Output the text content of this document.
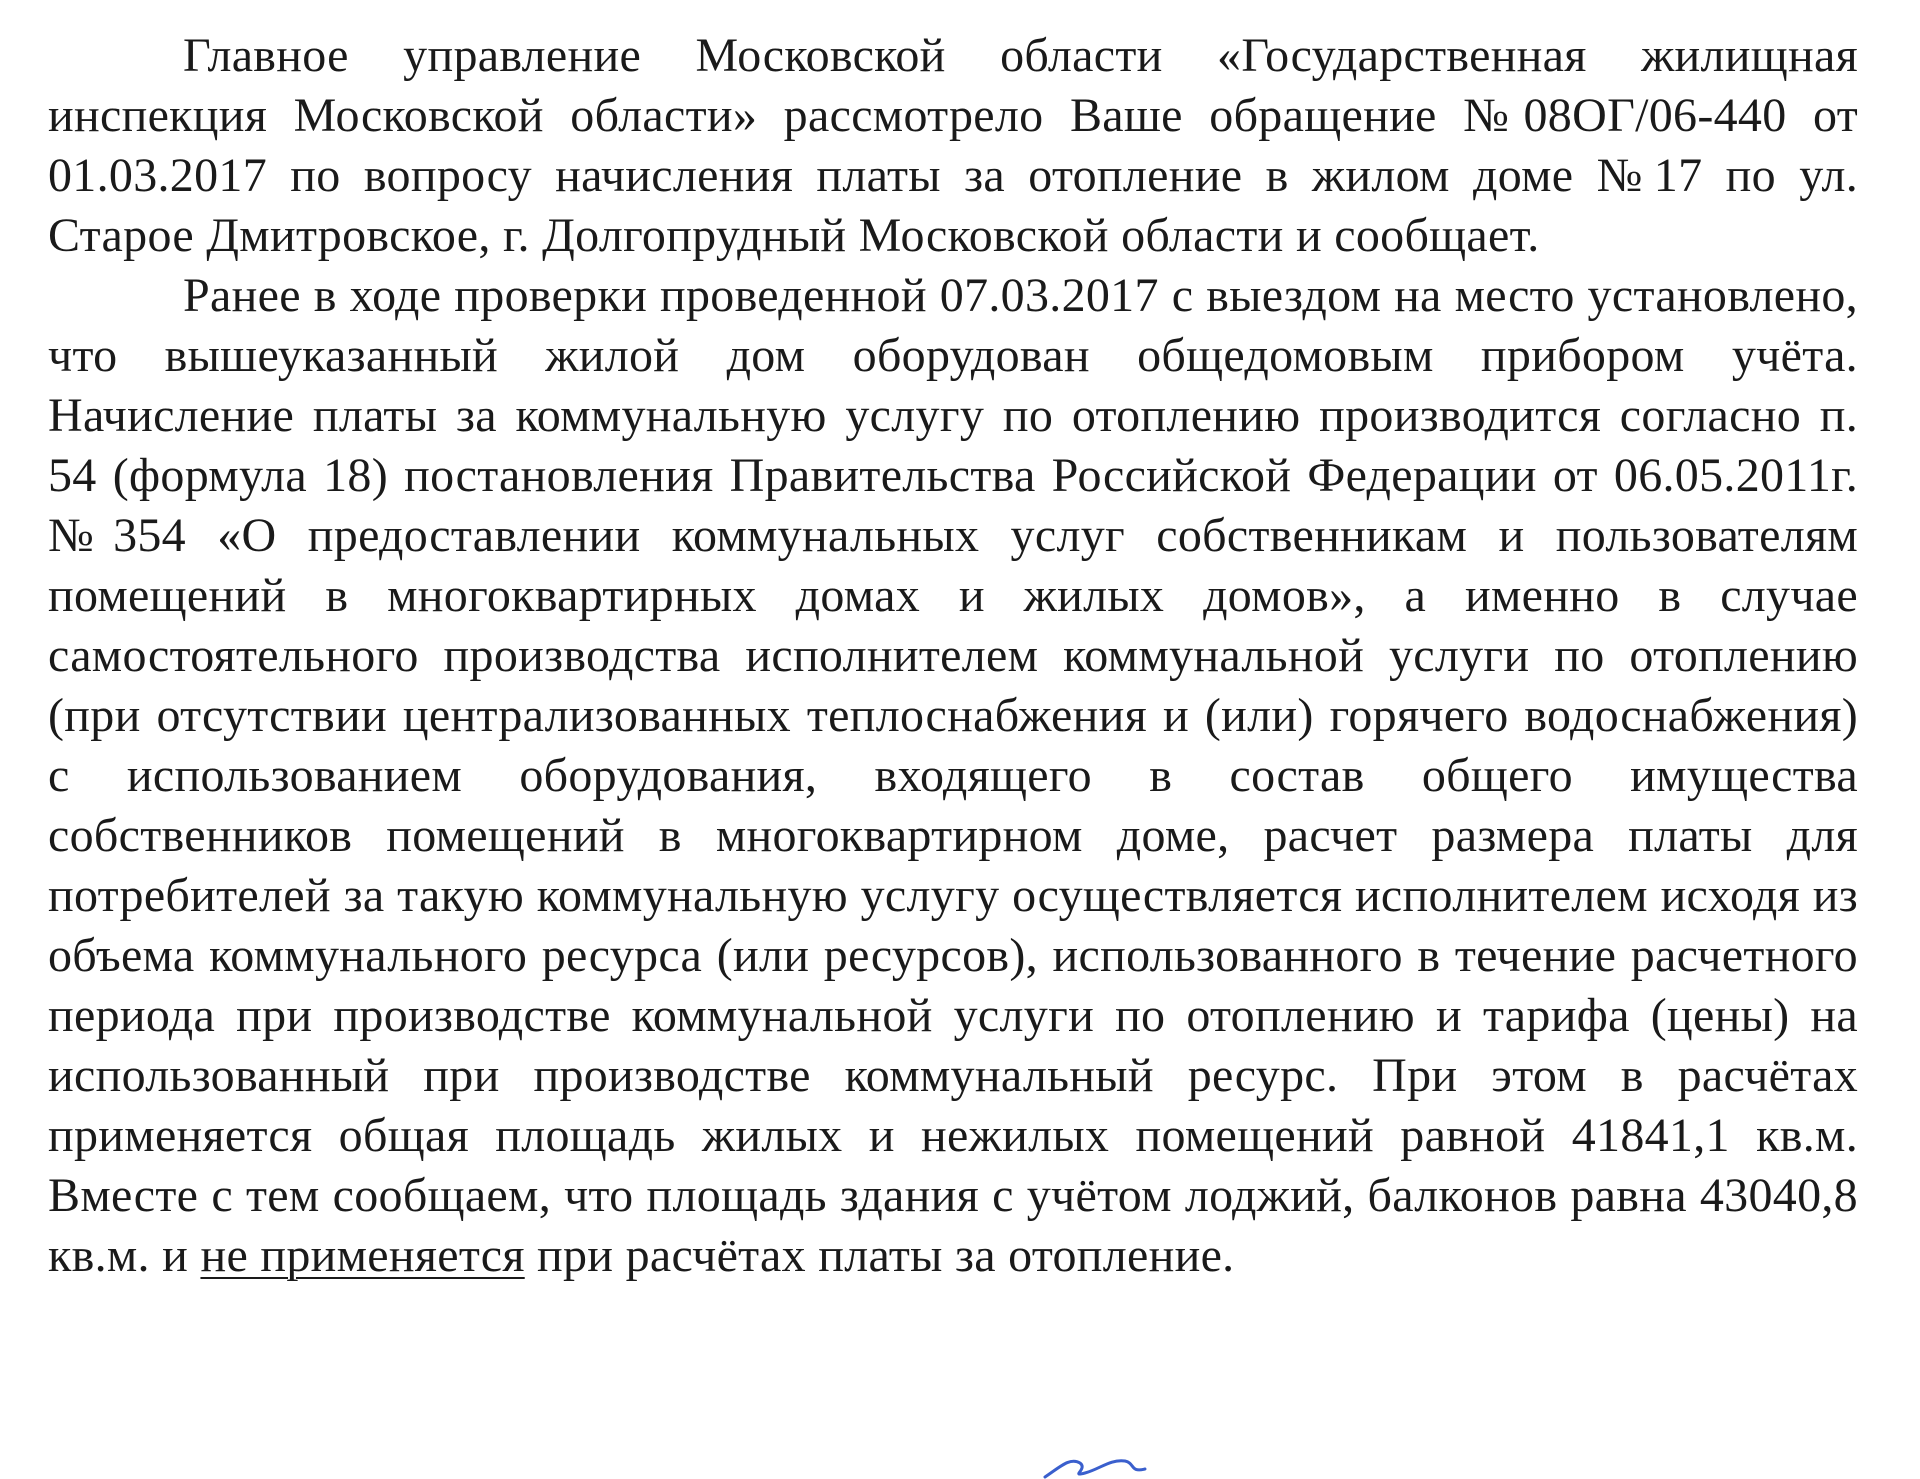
Главное управление Московской области «Государственная жилищная инспекция Московской области» рассмотрело Ваше обращение №08ОГ/06-440 от 01.03.2017 по вопросу начисления платы за отопление в жилом доме №17 по ул. Старое Дмитровское, г. Долгопрудный Московской области и сообщает.

Ранее в ходе проверки проведенной 07.03.2017 с выездом на место установлено, что вышеуказанный жилой дом оборудован общедомовым прибором учёта. Начисление платы за коммунальную услугу по отоплению производится согласно п. 54 (формула 18) постановления Правительства Российской Федерации от 06.05.2011г. №354 «О предоставлении коммунальных услуг собственникам и пользователям помещений в многоквартирных домах и жилых домов», а именно в случае самостоятельного производства исполнителем коммунальной услуги по отоплению (при отсутствии централизованных теплоснабжения и (или) горячего водоснабжения) с использованием оборудования, входящего в состав общего имущества собственников помещений в многоквартирном доме, расчет размера платы для потребителей за такую коммунальную услугу осуществляется исполнителем исходя из объема коммунального ресурса (или ресурсов), использованного в течение расчетного периода при производстве коммунальной услуги по отоплению и тарифа (цены) на использованный при производстве коммунальный ресурс. При этом в расчётах применяется общая площадь жилых и нежилых помещений равной 41841,1 кв.м. Вместе с тем сообщаем, что площадь здания с учётом лоджий, балконов равна 43040,8 кв.м. и не применяется при расчётах платы за отопление.
